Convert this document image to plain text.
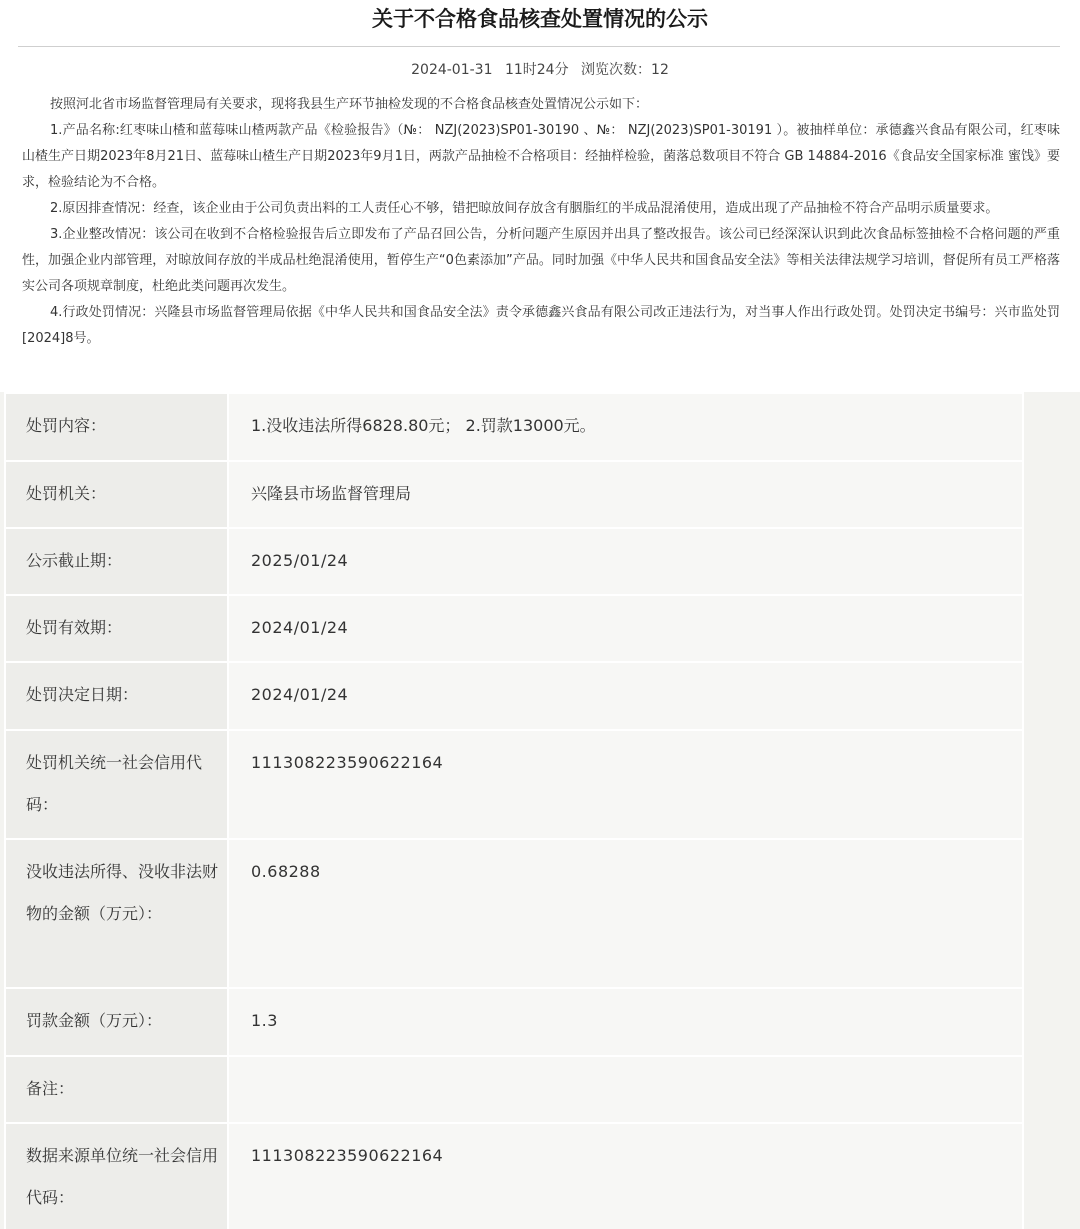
关于不合格食品核查处置情况的公示
2024-01-31 11时24分 浏览次数：12

按照河北省市场监督管理局有关要求，现将我县生产环节抽检发现的不合格食品核查处置情况公示如下：

1.产品名称:红枣味山楂和蓝莓味山楂两款产品《检验报告》（№： NZJ(2023)SP01-30190 、№： NZJ(2023)SP01-30191 ）。被抽样单位：承德鑫兴食品有限公司，红枣味山楂生产日期2023年8月21日、蓝莓味山楂生产日期2023年9月1日，两款产品抽检不合格项目：经抽样检验，菌落总数项目不符合 GB 14884-2016《食品安全国家标准 蜜饯》要求，检验结论为不合格。

2.原因排查情况：经查，该企业由于公司负责出料的工人责任心不够，错把晾放间存放含有胭脂红的半成品混淆使用，造成出现了产品抽检不符合产品明示质量要求。

3.企业整改情况：该公司在收到不合格检验报告后立即发布了产品召回公告，分析问题产生原因并出具了整改报告。该公司已经深深认识到此次食品标签抽检不合格问题的严重性，加强企业内部管理，对晾放间存放的半成品杜绝混淆使用，暂停生产“0色素添加”产品。同时加强《中华人民共和国食品安全法》等相关法律法规学习培训，督促所有员工严格落实公司各项规章制度，杜绝此类问题再次发生。

4.行政处罚情况：兴隆县市场监督管理局依据《中华人民共和国食品安全法》责令承德鑫兴食品有限公司改正违法行为，对当事人作出行政处罚。处罚决定书编号：兴市监处罚[2024]8号。

处罚内容：	1.没收违法所得6828.80元； 2.罚款13000元。
处罚机关：	兴隆县市场监督管理局
公示截止期：	2025/01/24
处罚有效期：	2024/01/24
处罚决定日期：	2024/01/24
处罚机关统一社会信用代码：	111308223590622164
没收违法所得、没收非法财物的金额（万元）：	0.68288
罚款金额（万元）：	1.3
备注：	
数据来源单位统一社会信用代码：	111308223590622164
